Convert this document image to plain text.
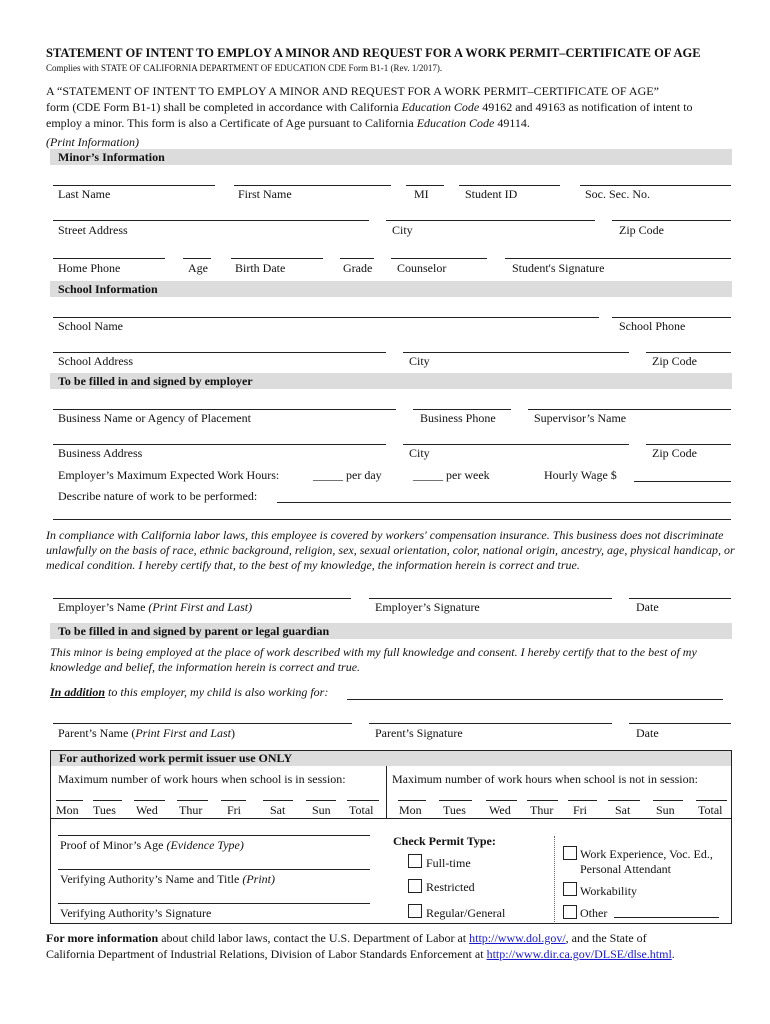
STATEMENT OF INTENT TO EMPLOY A MINOR AND REQUEST FOR A WORK PERMIT–CERTIFICATE OF AGE
Complies with STATE OF CALIFORNIA DEPARTMENT OF EDUCATION CDE Form B1-1 (Rev. 1/2017).
A “STATEMENT OF INTENT TO EMPLOY A MINOR AND REQUEST FOR A WORK PERMIT–CERTIFICATE OF AGE”
form (CDE Form B1-1) shall be completed in accordance with California Education Code 49162 and 49163 as notification of intent to
employ a minor. This form is also a Certificate of Age pursuant to California Education Code 49114.
(Print Information)
Minor’s Information
Last Name	First Name	MI	Student ID	Soc. Sec. No.
Street Address	City	Zip Code
Home Phone	Age Birth Date	Grade Counselor	Student's Signature
School Information
School Name	School Phone
School Address	City	Zip Code
To be filled in and signed by employer
Business Name or Agency of Placement	Business Phone	Supervisor’s Name
Business Address	City	Zip Code
Employer’s Maximum Expected Work Hours:	_____ per day	_____ per week	Hourly Wage $
Describe nature of work to be performed:
In compliance with California labor laws, this employee is covered by workers' compensation insurance. This business does not discriminate unlawfully on the basis of race, ethnic background, religion, sex, sexual orientation, color, national origin, ancestry, age, physical handicap, or medical condition. I hereby certify that, to the best of my knowledge, the information herein is correct and true.
Employer’s Name (Print First and Last)	Employer’s Signature	Date
To be filled in and signed by parent or legal guardian
This minor is being employed at the place of work described with my full knowledge and consent. I hereby certify that to the best of my knowledge and belief, the information herein is correct and true.
In addition to this employer, my child is also working for:
Parent’s Name (Print First and Last)	Parent’s Signature	Date
For authorized work permit issuer use ONLY
Maximum number of work hours when school is in session:	Maximum number of work hours when school is not in session:
Mon Tues Wed Thur Fri Sat Sun Total Mon Tues Wed Thur Fri Sat Sun Total
Proof of Minor’s Age (Evidence Type)
Verifying Authority’s Name and Title (Print)
Verifying Authority’s Signature
Check Permit Type:
Full-time
Restricted
Regular/General
Work Experience, Voc. Ed.,
Personal Attendant
Workability
Other
For more information about child labor laws, contact the U.S. Department of Labor at http://www.dol.gov/, and the State of
California Department of Industrial Relations, Division of Labor Standards Enforcement at http://www.dir.ca.gov/DLSE/dlse.html.
